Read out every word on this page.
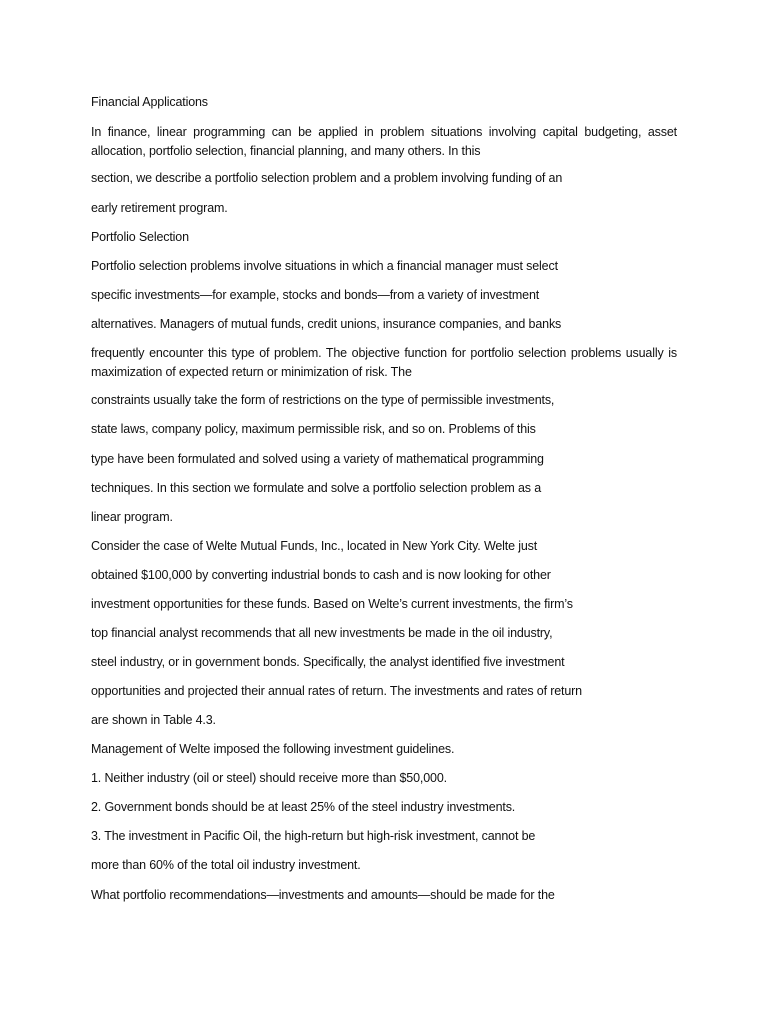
Financial Applications

In finance, linear programming can be applied in problem situations involving capital budgeting, asset allocation, portfolio selection, financial planning, and many others. In this

section, we describe a portfolio selection problem and a problem involving funding of an

early retirement program.

Portfolio Selection

Portfolio selection problems involve situations in which a financial manager must select

specific investments—for example, stocks and bonds—from a variety of investment

alternatives. Managers of mutual funds, credit unions, insurance companies, and banks

frequently encounter this type of problem. The objective function for portfolio selection problems usually is maximization of expected return or minimization of risk. The

constraints usually take the form of restrictions on the type of permissible investments,

state laws, company policy, maximum permissible risk, and so on. Problems of this

type have been formulated and solved using a variety of mathematical programming

techniques. In this section we formulate and solve a portfolio selection problem as a

linear program.

Consider the case of Welte Mutual Funds, Inc., located in New York City. Welte just

obtained $100,000 by converting industrial bonds to cash and is now looking for other

investment opportunities for these funds. Based on Welte’s current investments, the firm’s

top financial analyst recommends that all new investments be made in the oil industry,

steel industry, or in government bonds. Specifically, the analyst identified five investment

opportunities and projected their annual rates of return. The investments and rates of return

are shown in Table 4.3.

Management of Welte imposed the following investment guidelines.

1. Neither industry (oil or steel) should receive more than $50,000.

2. Government bonds should be at least 25% of the steel industry investments.

3. The investment in Pacific Oil, the high-return but high-risk investment, cannot be

more than 60% of the total oil industry investment.

What portfolio recommendations—investments and amounts—should be made for the
